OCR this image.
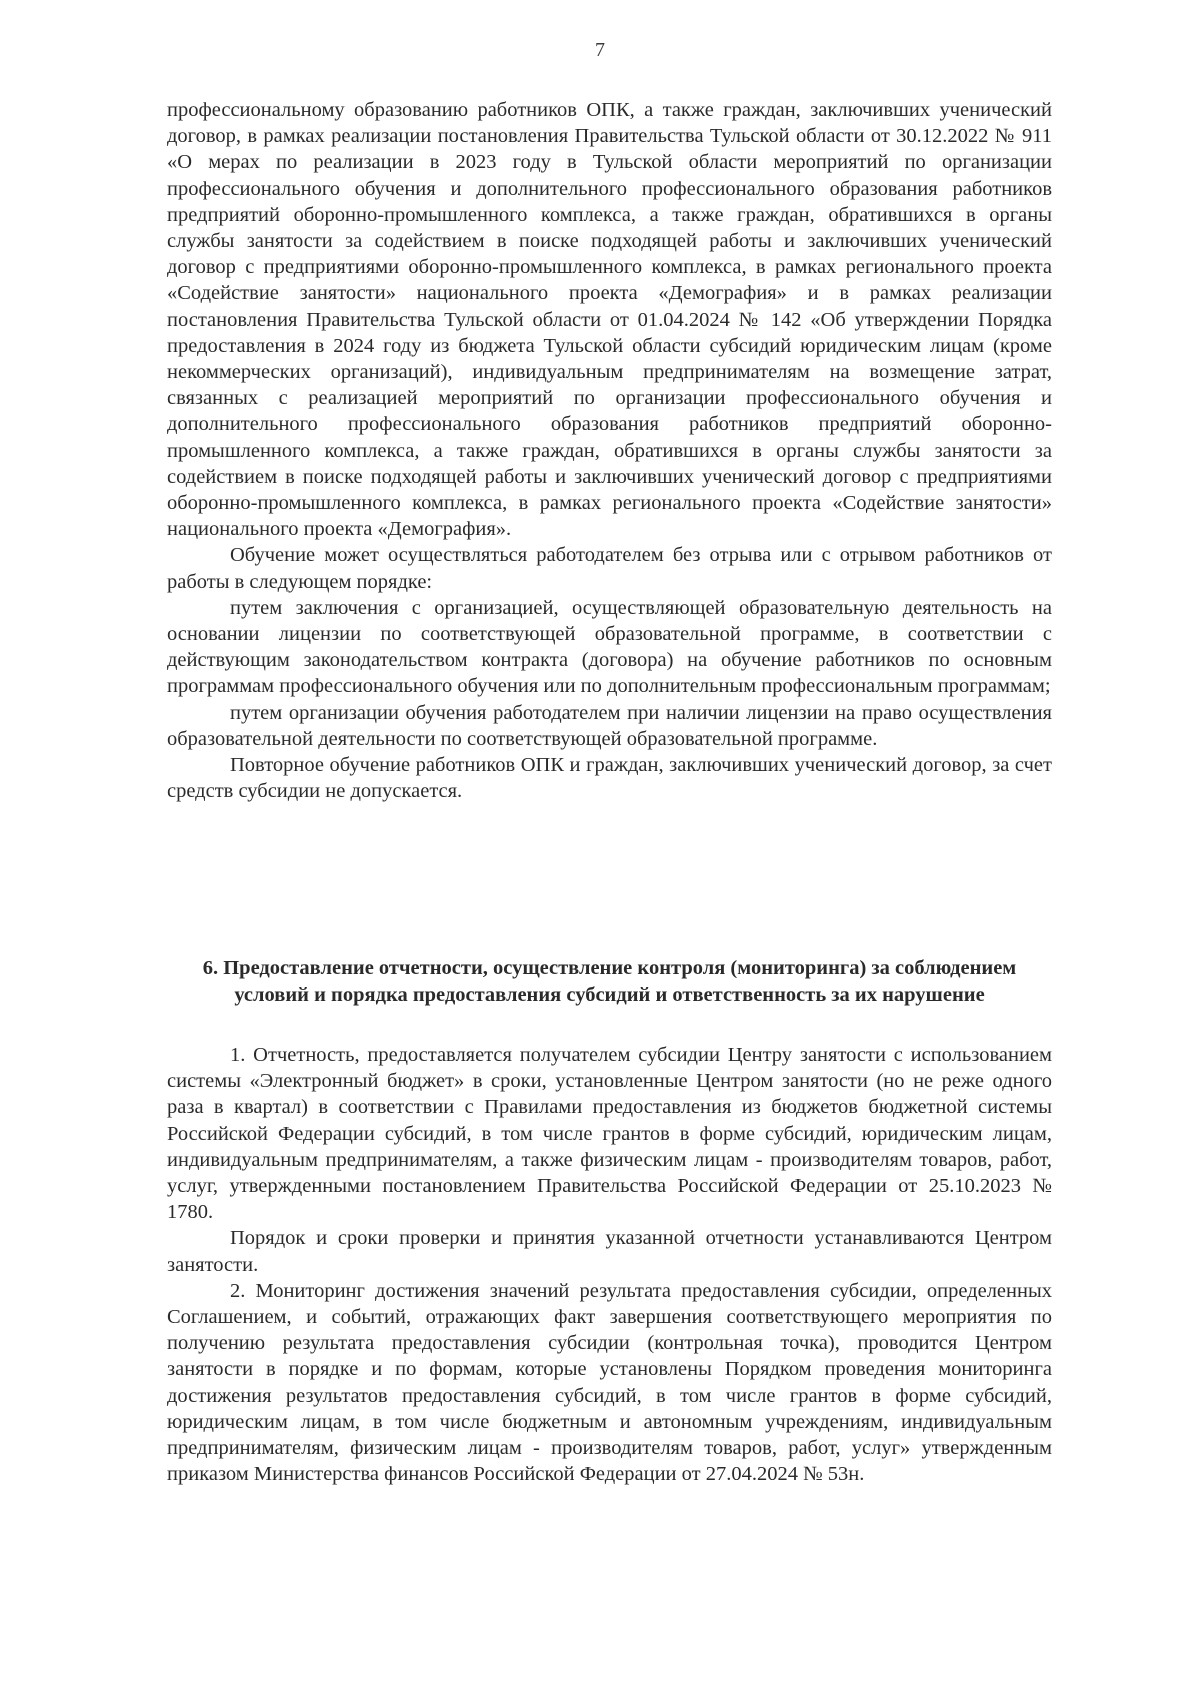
7

профессиональному образованию работников ОПК, а также граждан, заключивших ученический договор, в рамках реализации постановления Правительства Тульской области от 30.12.2022 № 911 «О мерах по реализации в 2023 году в Тульской области мероприятий по организации профессионального обучения и дополнительного профессионального образования работников предприятий оборонно-промышленного комплекса, а также граждан, обратившихся в органы службы занятости за содействием в поиске подходящей работы и заключивших ученический договор с предприятиями оборонно-промышленного комплекса, в рамках регионального проекта «Содействие занятости» национального проекта «Демография» и в рамках реализации постановления Правительства Тульской области от 01.04.2024 № 142 «Об утверждении Порядка предоставления в 2024 году из бюджета Тульской области субсидий юридическим лицам (кроме некоммерческих организаций), индивидуальным предпринимателям на возмещение затрат, связанных с реализацией мероприятий по организации профессионального обучения и дополнительного профессионального образования работников предприятий оборонно-промышленного комплекса, а также граждан, обратившихся в органы службы занятости за содействием в поиске подходящей работы и заключивших ученический договор с предприятиями оборонно-промышленного комплекса, в рамках регионального проекта «Содействие занятости» национального проекта «Демография».

Обучение может осуществляться работодателем без отрыва или с отрывом работников от работы в следующем порядке:

путем заключения с организацией, осуществляющей образовательную деятельность на основании лицензии по соответствующей образовательной программе, в соответствии с действующим законодательством контракта (договора) на обучение работников по основным программам профессионального обучения или по дополнительным профессиональным программам;

путем организации обучения работодателем при наличии лицензии на право осуществления образовательной деятельности по соответствующей образовательной программе.

Повторное обучение работников ОПК и граждан, заключивших ученический договор, за счет средств субсидии не допускается.

6. Предоставление отчетности, осуществление контроля (мониторинга) за соблюдением условий и порядка предоставления субсидий и ответственность за их нарушение

1. Отчетность, предоставляется получателем субсидии Центру занятости с использованием системы «Электронный бюджет» в сроки, установленные Центром занятости (но не реже одного раза в квартал) в соответствии с Правилами предоставления из бюджетов бюджетной системы Российской Федерации субсидий, в том числе грантов в форме субсидий, юридическим лицам, индивидуальным предпринимателям, а также физическим лицам - производителям товаров, работ, услуг, утвержденными постановлением Правительства Российской Федерации от 25.10.2023 № 1780.

Порядок и сроки проверки и принятия указанной отчетности устанавливаются Центром занятости.

2. Мониторинг достижения значений результата предоставления субсидии, определенных Соглашением, и событий, отражающих факт завершения соответствующего мероприятия по получению результата предоставления субсидии (контрольная точка), проводится Центром занятости в порядке и по формам, которые установлены Порядком проведения мониторинга достижения результатов предоставления субсидий, в том числе грантов в форме субсидий, юридическим лицам, в том числе бюджетным и автономным учреждениям, индивидуальным предпринимателям, физическим лицам - производителям товаров, работ, услуг» утвержденным приказом Министерства финансов Российской Федерации от 27.04.2024 № 53н.
